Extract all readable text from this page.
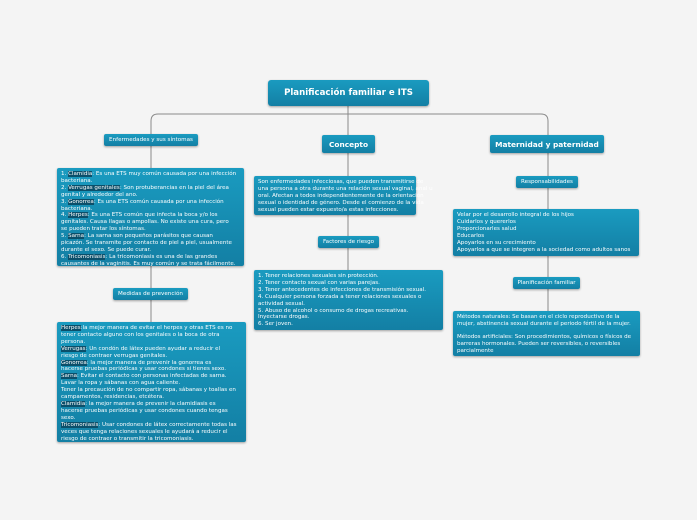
Planificación familiar e ITS
Enfermedades y sus síntomas
1. Clamidia: Es una ETS muy común causada por una infección
bacteriana.
2. Verrugas genitales: Son protuberancias en la piel del área
genital y alrededor del ano.
3. Gonorrea: Es una ETS común causada por una infección
bacteriana.
4. Herpes: Es una ETS común que infecta la boca y/o los
genitales. Causa llagas o ampollas. No existe una cura, pero
se pueden tratar los síntomas.
5. Sarna: La sarna son pequeños parásitos que causan
picazón. Se transmite por contacto de piel a piel, usualmente
durante el sexo. Se puede curar.
6. Tricomoniasis: La tricomoniasis es una de las grandes
causantes de la vaginitis. Es muy común y se trata fácilmente.
Medidas de prevención
Herpes:la mejor manera de evitar el herpes y otras ETS es no
tener contacto alguno con los genitales o la boca de otra
persona.
Verrugas: Un condón de látex pueden ayudar a reducir el
riesgo de contraer verrugas genitales.
Gonorrea: la mejor manera de prevenir la gonorrea es
hacerse pruebas periódicas y usar condones si tienes sexo.
Sarna: Evitar el contacto con personas infectadas de sarna.
Lavar la ropa y sábanas con agua caliente.
Tener la precaución de no compartir ropa, sábanas y toallas en
campamentos, residencias, etcétera.
Clamidia: la mejor manera de prevenir la clamidiasis es
hacerse pruebas periódicas y usar condones cuando tengas
sexo.
Tricomoniasis: Usar condones de látex correctamente todas las
veces que tenga relaciones sexuales le ayudará a reducir el
riesgo de contraer o transmitir la tricomoniasis.
Concepto
Son enfermedades infecciosas, que pueden transmitirse de
una persona a otra durante una relación sexual vaginal, anal u
oral. Afectan a todos independientemente de la orientación
sexual o identidad de género. Desde el comienzo de la vida
sexual pueden estar expuesto/a estas infecciones.
Factores de riesgo
1. Tener relaciones sexuales sin protección.
2. Tener contacto sexual con varias parejas.
3. Tener antecedentes de infecciones de transmisión sexual.
4. Cualquier persona forzada a tener relaciones sexuales o
actividad sexual.
5. Abuso de alcohol o consumo de drogas recreativas.
Inyectarse drogas.
6. Ser joven.
Maternidad y paternidad
Responsabilidades
Velar por el desarrollo integral de los hijos
Cuidarlos y quererlos
Proporcionarles salud
Educarlos
Apoyarlos en su crecimiento
Apoyarlos a que se integren a la sociedad como adultos sanos
Planificación familiar
Métodos naturales: Se basan en el ciclo reproductivo de la mujer, abstinencia sexual durante el periodo fértil de la mujer.
Métodos artificiales: Son procedimientos, químicos o físicos de barreras hormonales. Pueden ser reversibles, o reversibles parcialmente
